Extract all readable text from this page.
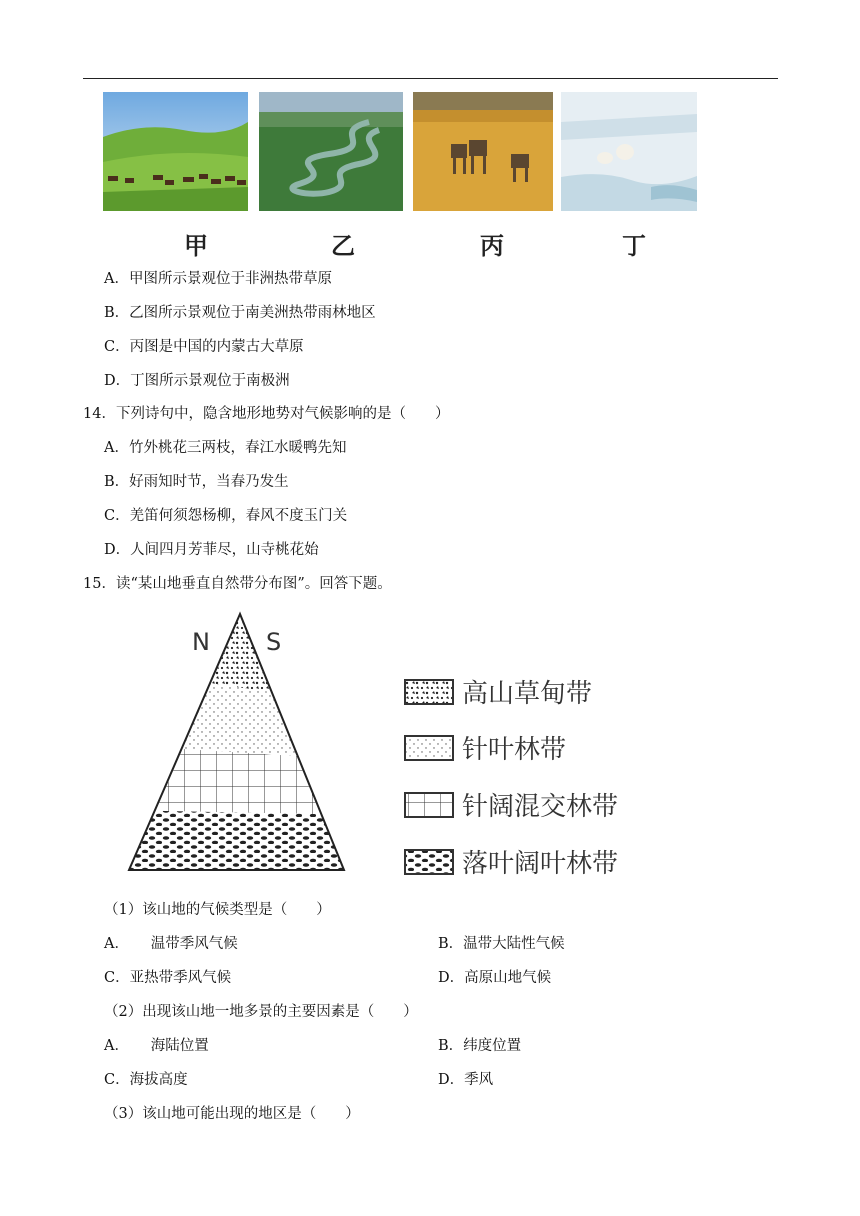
甲	乙	丙	丁
A．甲图所示景观位于非洲热带草原
B．乙图所示景观位于南美洲热带雨林地区
C．丙图是中国的内蒙古大草原
D．丁图所示景观位于南极洲
14．下列诗句中，隐含地形地势对气候影响的是（　　）
A．竹外桃花三两枝，春江水暖鸭先知
B．好雨知时节，当春乃发生
C．羌笛何须怨杨柳，春风不度玉门关
D．人间四月芳菲尽，山寺桃花始
15．读“某山地垂直自然带分布图”。回答下题。
N S
高山草甸带
针叶林带
针阔混交林带
落叶阔叶林带
（1）该山地的气候类型是（　　）
A．　　温带季风气候	B．温带大陆性气候
C．亚热带季风气候	D．高原山地气候
（2）出现该山地一地多景的主要因素是（　　）
A．　　海陆位置	B．纬度位置
C．海拔高度	D．季风
（3）该山地可能出现的地区是（　　）
